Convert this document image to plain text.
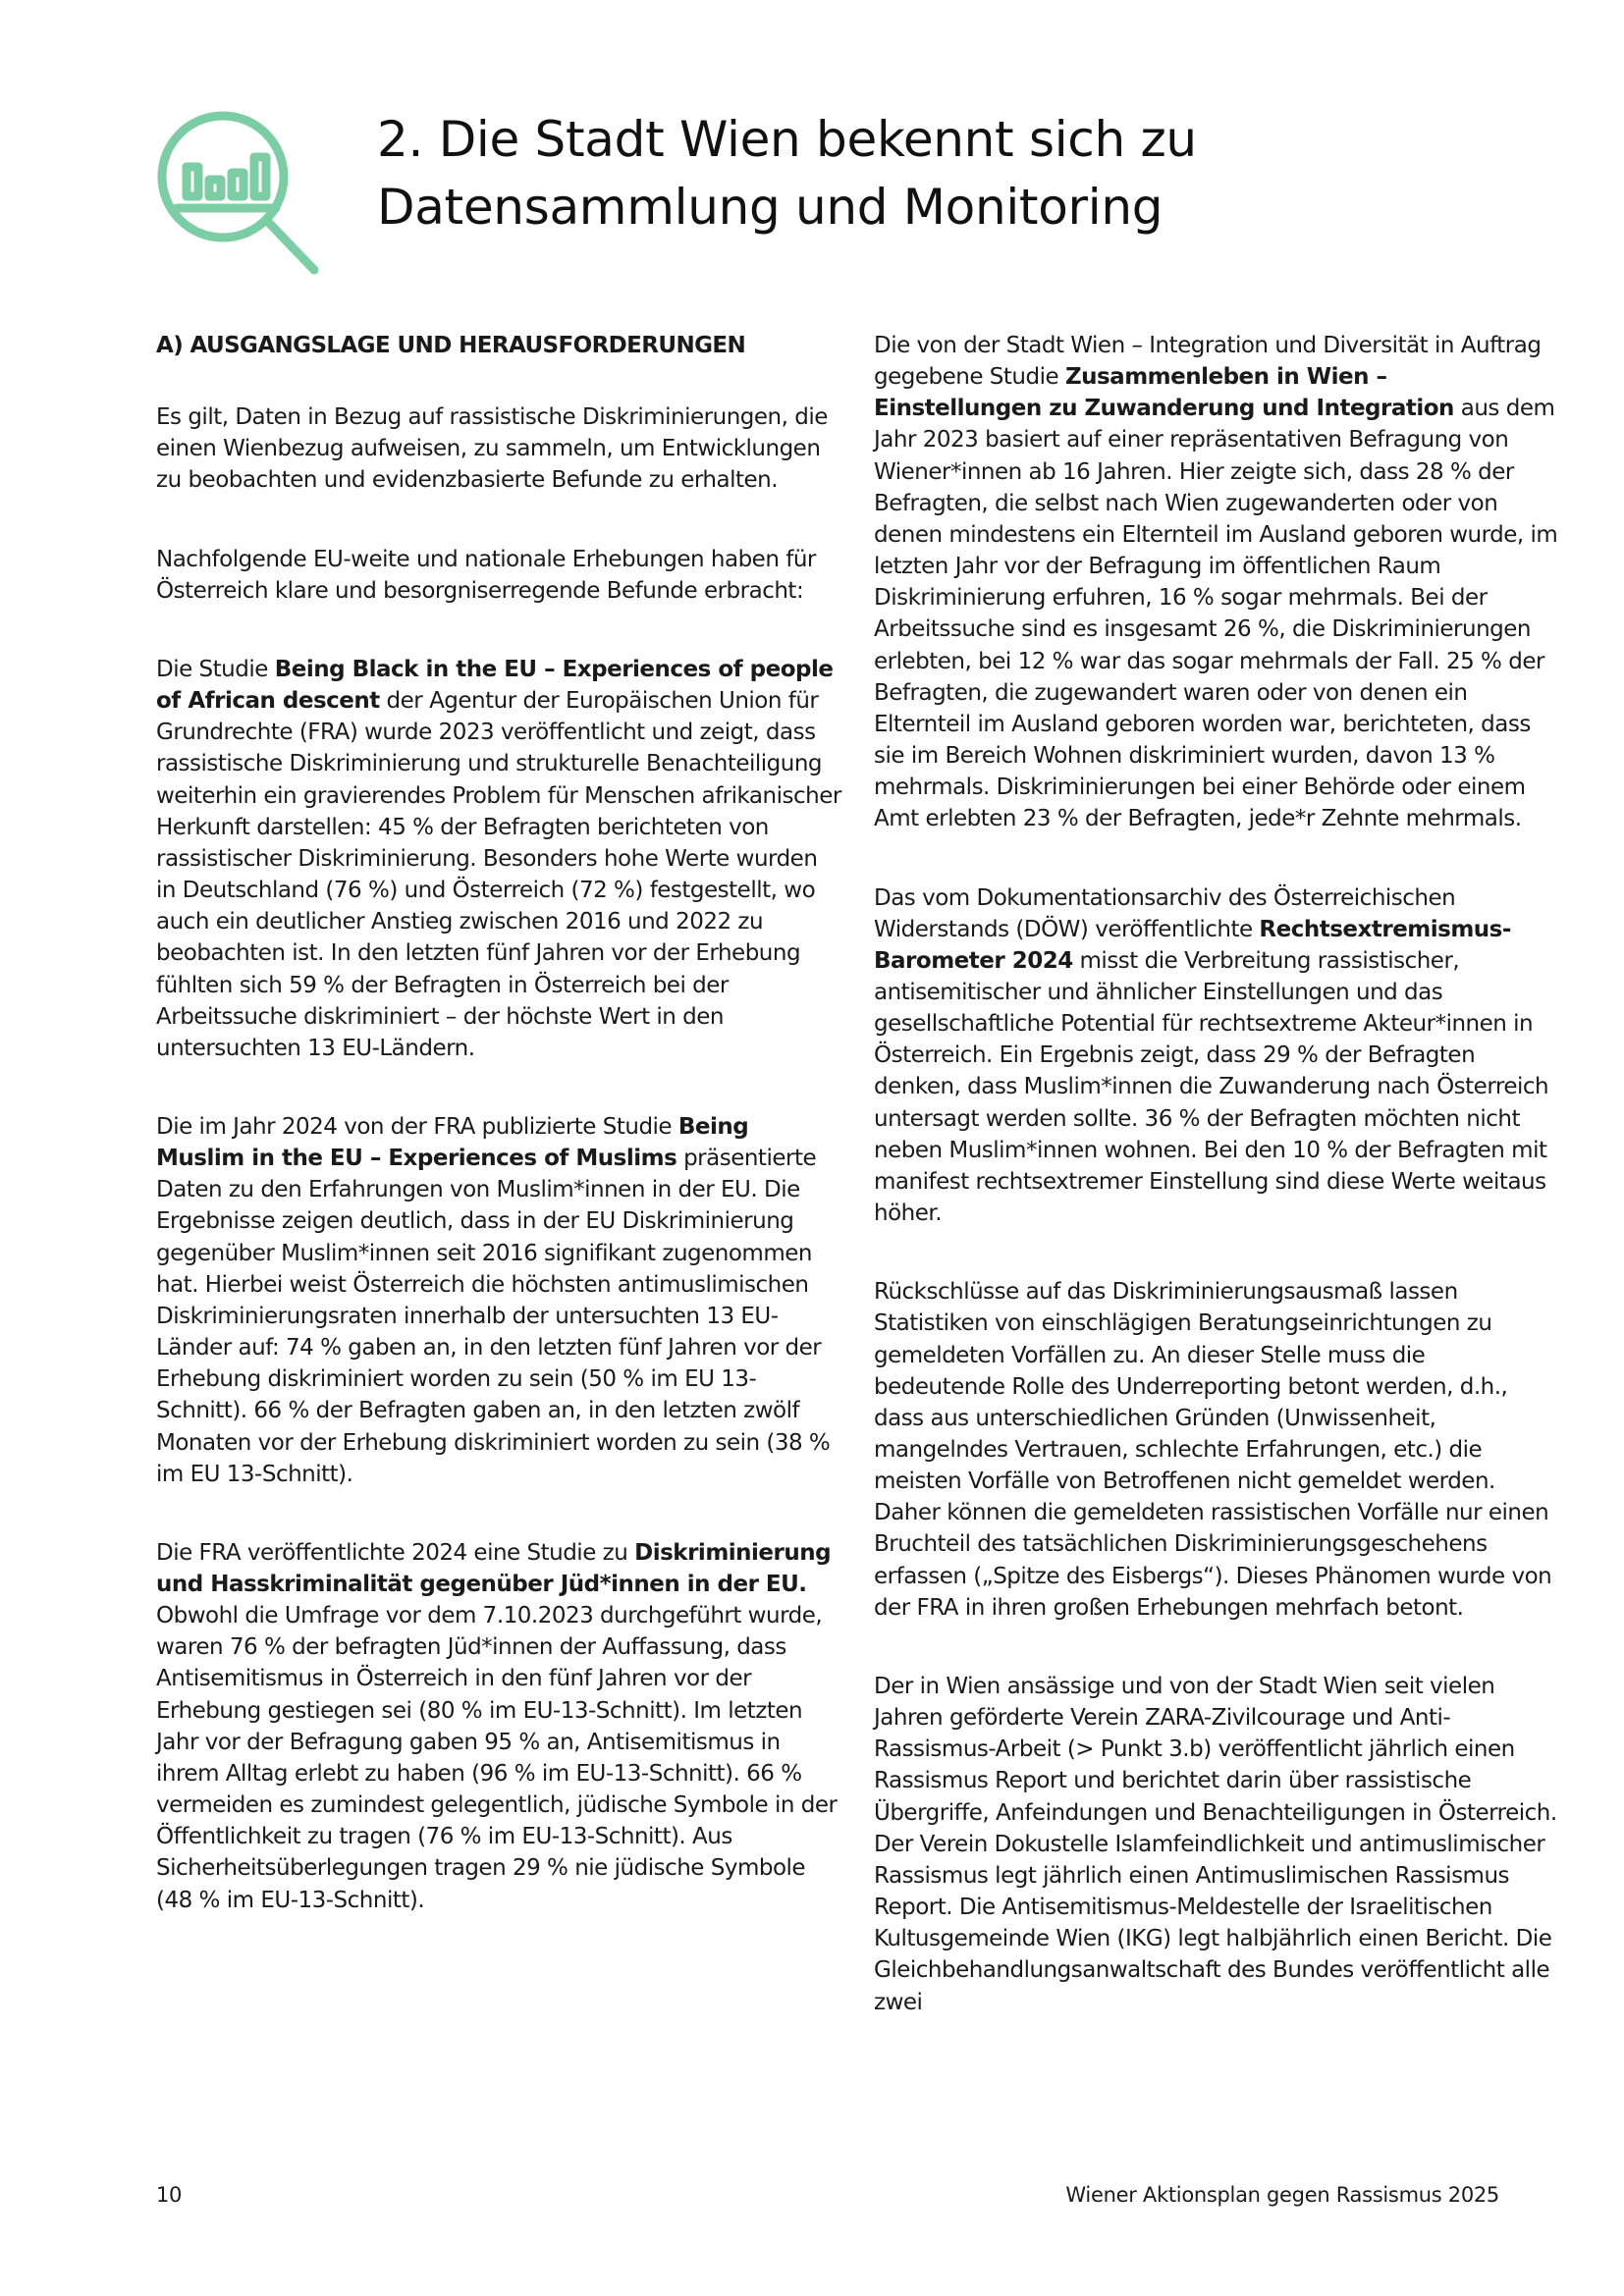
2. Die Stadt Wien bekennt sich zu
Datensammlung und Monitoring

A) AUSGANGSLAGE UND HERAUSFORDERUNGEN

Es gilt, Daten in Bezug auf rassistische Diskriminierungen, die einen Wienbezug aufweisen, zu sammeln, um Entwicklungen zu beobachten und evidenzbasierte Befunde zu erhalten.

Nachfolgende EU-weite und nationale Erhebungen haben für Österreich klare und besorgniserregende Befunde erbracht:

Die Studie Being Black in the EU – Experiences of people of African descent der Agentur der Europäischen Union für Grundrechte (FRA) wurde 2023 veröffentlicht und zeigt, dass rassistische Diskriminierung und strukturelle Benachteiligung weiterhin ein gravierendes Problem für Menschen afrikanischer Herkunft darstellen: 45 % der Befragten berichteten von rassistischer Diskriminierung. Besonders hohe Werte wurden in Deutschland (76 %) und Österreich (72 %) festgestellt, wo auch ein deutlicher Anstieg zwischen 2016 und 2022 zu beobachten ist. In den letzten fünf Jahren vor der Erhebung fühlten sich 59 % der Befragten in Österreich bei der Arbeitssuche diskriminiert – der höchste Wert in den untersuchten 13 EU-Ländern.

Die im Jahr 2024 von der FRA publizierte Studie Being Muslim in the EU – Experiences of Muslims präsentierte Daten zu den Erfahrungen von Muslim*innen in der EU. Die Ergebnisse zeigen deutlich, dass in der EU Diskriminierung gegenüber Muslim*innen seit 2016 signifikant zugenommen hat. Hierbei weist Österreich die höchsten antimuslimischen Diskriminierungsraten innerhalb der untersuchten 13 EU-Länder auf: 74 % gaben an, in den letzten fünf Jahren vor der Erhebung diskriminiert worden zu sein (50 % im EU 13-Schnitt). 66 % der Befragten gaben an, in den letzten zwölf Monaten vor der Erhebung diskriminiert worden zu sein (38 % im EU 13-Schnitt).

Die FRA veröffentlichte 2024 eine Studie zu Diskriminierung und Hasskriminalität gegenüber Jüd*innen in der EU. Obwohl die Umfrage vor dem 7.10.2023 durchgeführt wurde, waren 76 % der befragten Jüd*innen der Auffassung, dass Antisemitismus in Österreich in den fünf Jahren vor der Erhebung gestiegen sei (80 % im EU-13-Schnitt). Im letzten Jahr vor der Befragung gaben 95 % an, Antisemitismus in ihrem Alltag erlebt zu haben (96 % im EU-13-Schnitt). 66 % vermeiden es zumindest gelegentlich, jüdische Symbole in der Öffentlichkeit zu tragen (76 % im EU-13-Schnitt). Aus Sicherheitsüberlegungen tragen 29 % nie jüdische Symbole (48 % im EU-13-Schnitt).

Die von der Stadt Wien – Integration und Diversität in Auftrag gegebene Studie Zusammenleben in Wien – Einstellungen zu Zuwanderung und Integration aus dem Jahr 2023 basiert auf einer repräsentativen Befragung von Wiener*innen ab 16 Jahren. Hier zeigte sich, dass 28 % der Befragten, die selbst nach Wien zugewanderten oder von denen mindestens ein Elternteil im Ausland geboren wurde, im letzten Jahr vor der Befragung im öffentlichen Raum Diskriminierung erfuhren, 16 % sogar mehrmals. Bei der Arbeitssuche sind es insgesamt 26 %, die Diskriminierungen erlebten, bei 12 % war das sogar mehrmals der Fall. 25 % der Befragten, die zugewandert waren oder von denen ein Elternteil im Ausland geboren worden war, berichteten, dass sie im Bereich Wohnen diskriminiert wurden, davon 13 % mehrmals. Diskriminierungen bei einer Behörde oder einem Amt erlebten 23 % der Befragten, jede*r Zehnte mehrmals.

Das vom Dokumentationsarchiv des Österreichischen Widerstands (DÖW) veröffentlichte Rechtsextremismus-Barometer 2024 misst die Verbreitung rassistischer, antisemitischer und ähnlicher Einstellungen und das gesellschaftliche Potential für rechtsextreme Akteur*innen in Österreich. Ein Ergebnis zeigt, dass 29 % der Befragten denken, dass Muslim*innen die Zuwanderung nach Österreich untersagt werden sollte. 36 % der Befragten möchten nicht neben Muslim*innen wohnen. Bei den 10 % der Befragten mit manifest rechtsextremer Einstellung sind diese Werte weitaus höher.

Rückschlüsse auf das Diskriminierungsausmaß lassen Statistiken von einschlägigen Beratungseinrichtungen zu gemeldeten Vorfällen zu. An dieser Stelle muss die bedeutende Rolle des Underreporting betont werden, d.h., dass aus unterschiedlichen Gründen (Unwissenheit, mangelndes Vertrauen, schlechte Erfahrungen, etc.) die meisten Vorfälle von Betroffenen nicht gemeldet werden. Daher können die gemeldeten rassistischen Vorfälle nur einen Bruchteil des tatsächlichen Diskriminierungsgeschehens erfassen („Spitze des Eisbergs“). Dieses Phänomen wurde von der FRA in ihren großen Erhebungen mehrfach betont.

Der in Wien ansässige und von der Stadt Wien seit vielen Jahren geförderte Verein ZARA-Zivilcourage und Anti-Rassismus-Arbeit (> Punkt 3.b) veröffentlicht jährlich einen Rassismus Report und berichtet darin über rassistische Übergriffe, Anfeindungen und Benachteiligungen in Österreich. Der Verein Dokustelle Islamfeindlichkeit und antimuslimischer Rassismus legt jährlich einen Antimuslimischen Rassismus Report. Die Antisemitismus-Meldestelle der Israelitischen Kultusgemeinde Wien (IKG) legt halbjährlich einen Bericht. Die Gleichbehandlungsanwaltschaft des Bundes veröffentlicht alle zwei

10	Wiener Aktionsplan gegen Rassismus 2025
